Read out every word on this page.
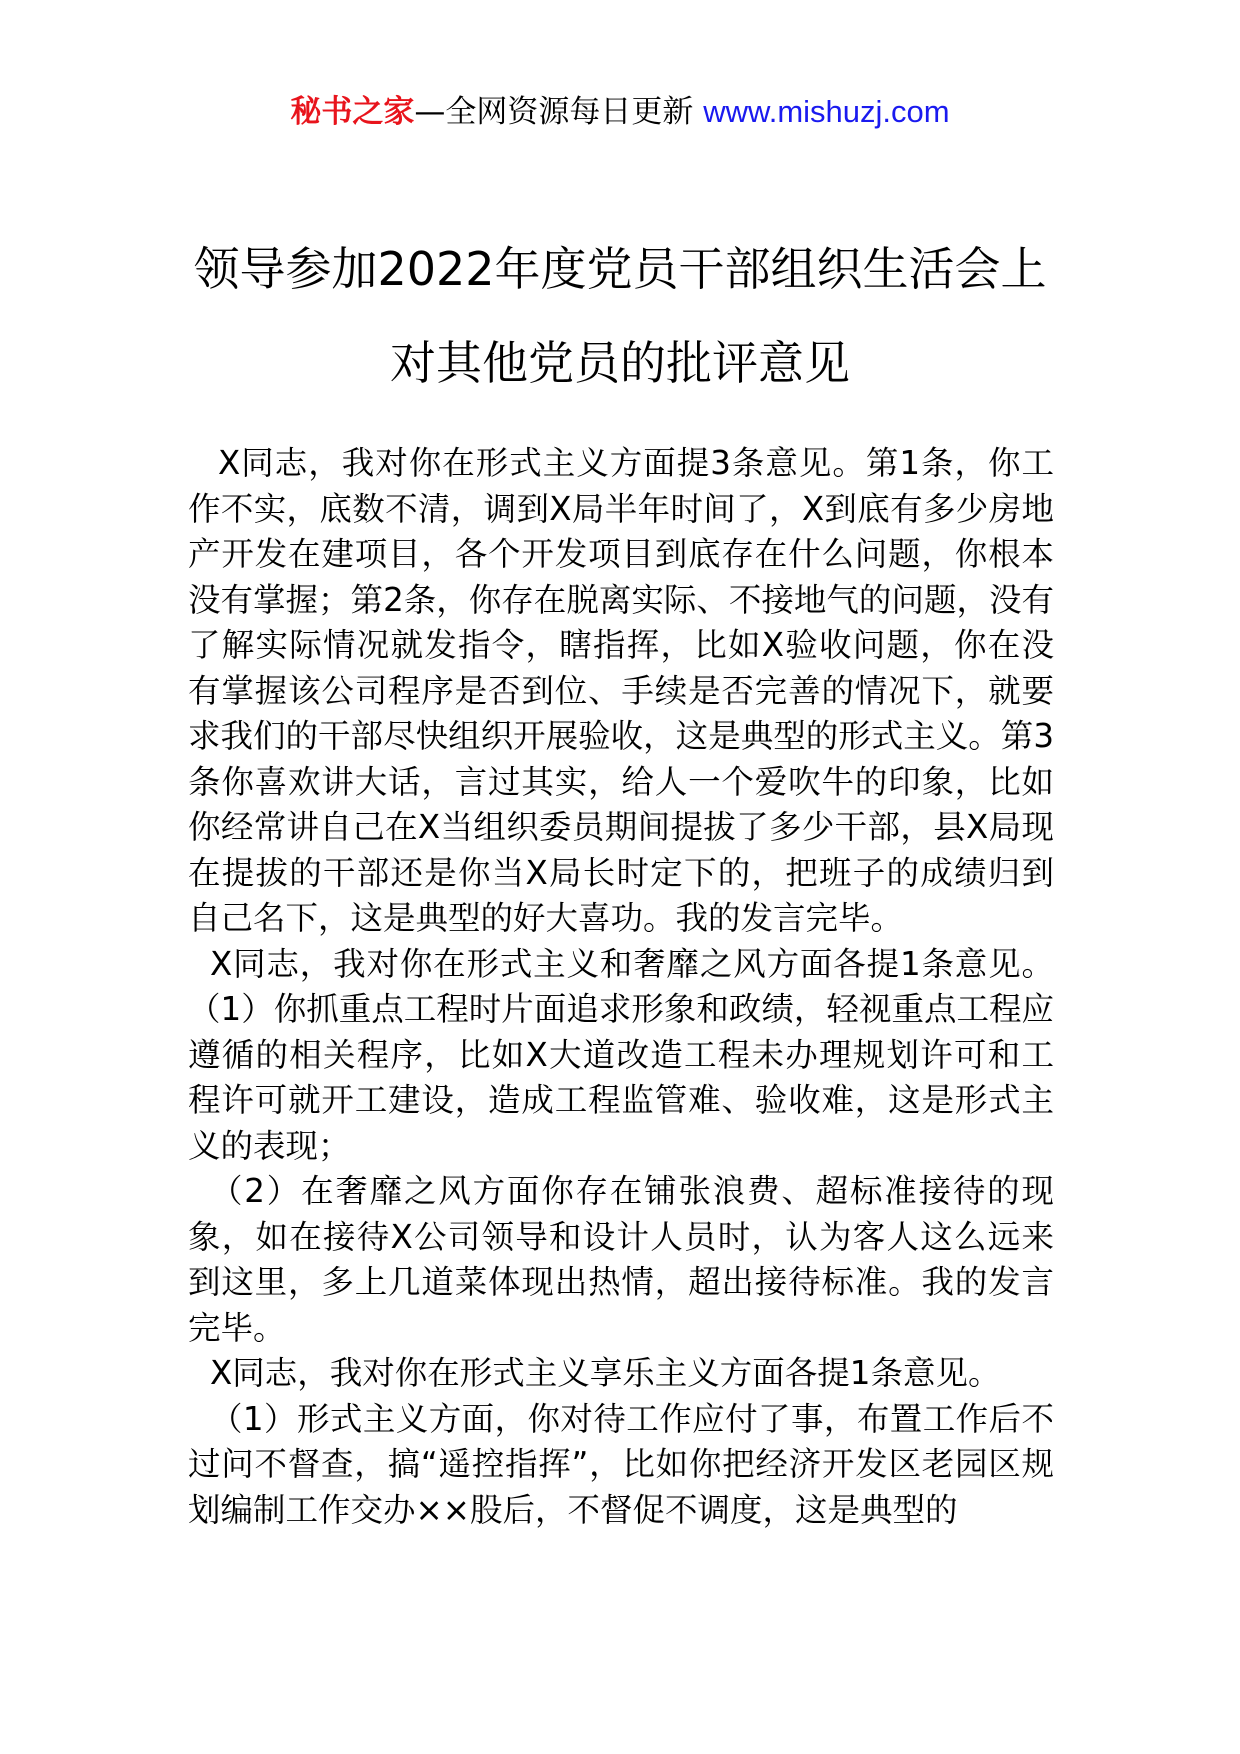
秘书之家—全网资源每日更新 www.mishuzj.com
领导参加2022年度党员干部组织生活会上
对其他党员的批评意见

X同志，我对你在形式主义方面提3条意见。第1条，你工作不实，底数不清，调到X局半年时间了，X到底有多少房地产开发在建项目，各个开发项目到底存在什么问题，你根本没有掌握；第2条，你存在脱离实际、不接地气的问题，没有了解实际情况就发指令，瞎指挥，比如X验收问题，你在没有掌握该公司程序是否到位、手续是否完善的情况下，就要求我们的干部尽快组织开展验收，这是典型的形式主义。第3条你喜欢讲大话，言过其实，给人一个爱吹牛的印象，比如你经常讲自己在X当组织委员期间提拔了多少干部，县X局现在提拔的干部还是你当X局长时定下的，把班子的成绩归到自己名下，这是典型的好大喜功。我的发言完毕。

X同志，我对你在形式主义和奢靡之风方面各提1条意见。（1）你抓重点工程时片面追求形象和政绩，轻视重点工程应遵循的相关程序，比如X大道改造工程未办理规划许可和工程许可就开工建设，造成工程监管难、验收难，这是形式主义的表现；

（2）在奢靡之风方面你存在铺张浪费、超标准接待的现象，如在接待X公司领导和设计人员时，认为客人这么远来到这里，多上几道菜体现出热情，超出接待标准。我的发言完毕。

X同志，我对你在形式主义享乐主义方面各提1条意见。

（1）形式主义方面，你对待工作应付了事，布置工作后不过问不督查，搞“遥控指挥”，比如你把经济开发区老园区规划编制工作交办××股后，不督促不调度，这是典型的
